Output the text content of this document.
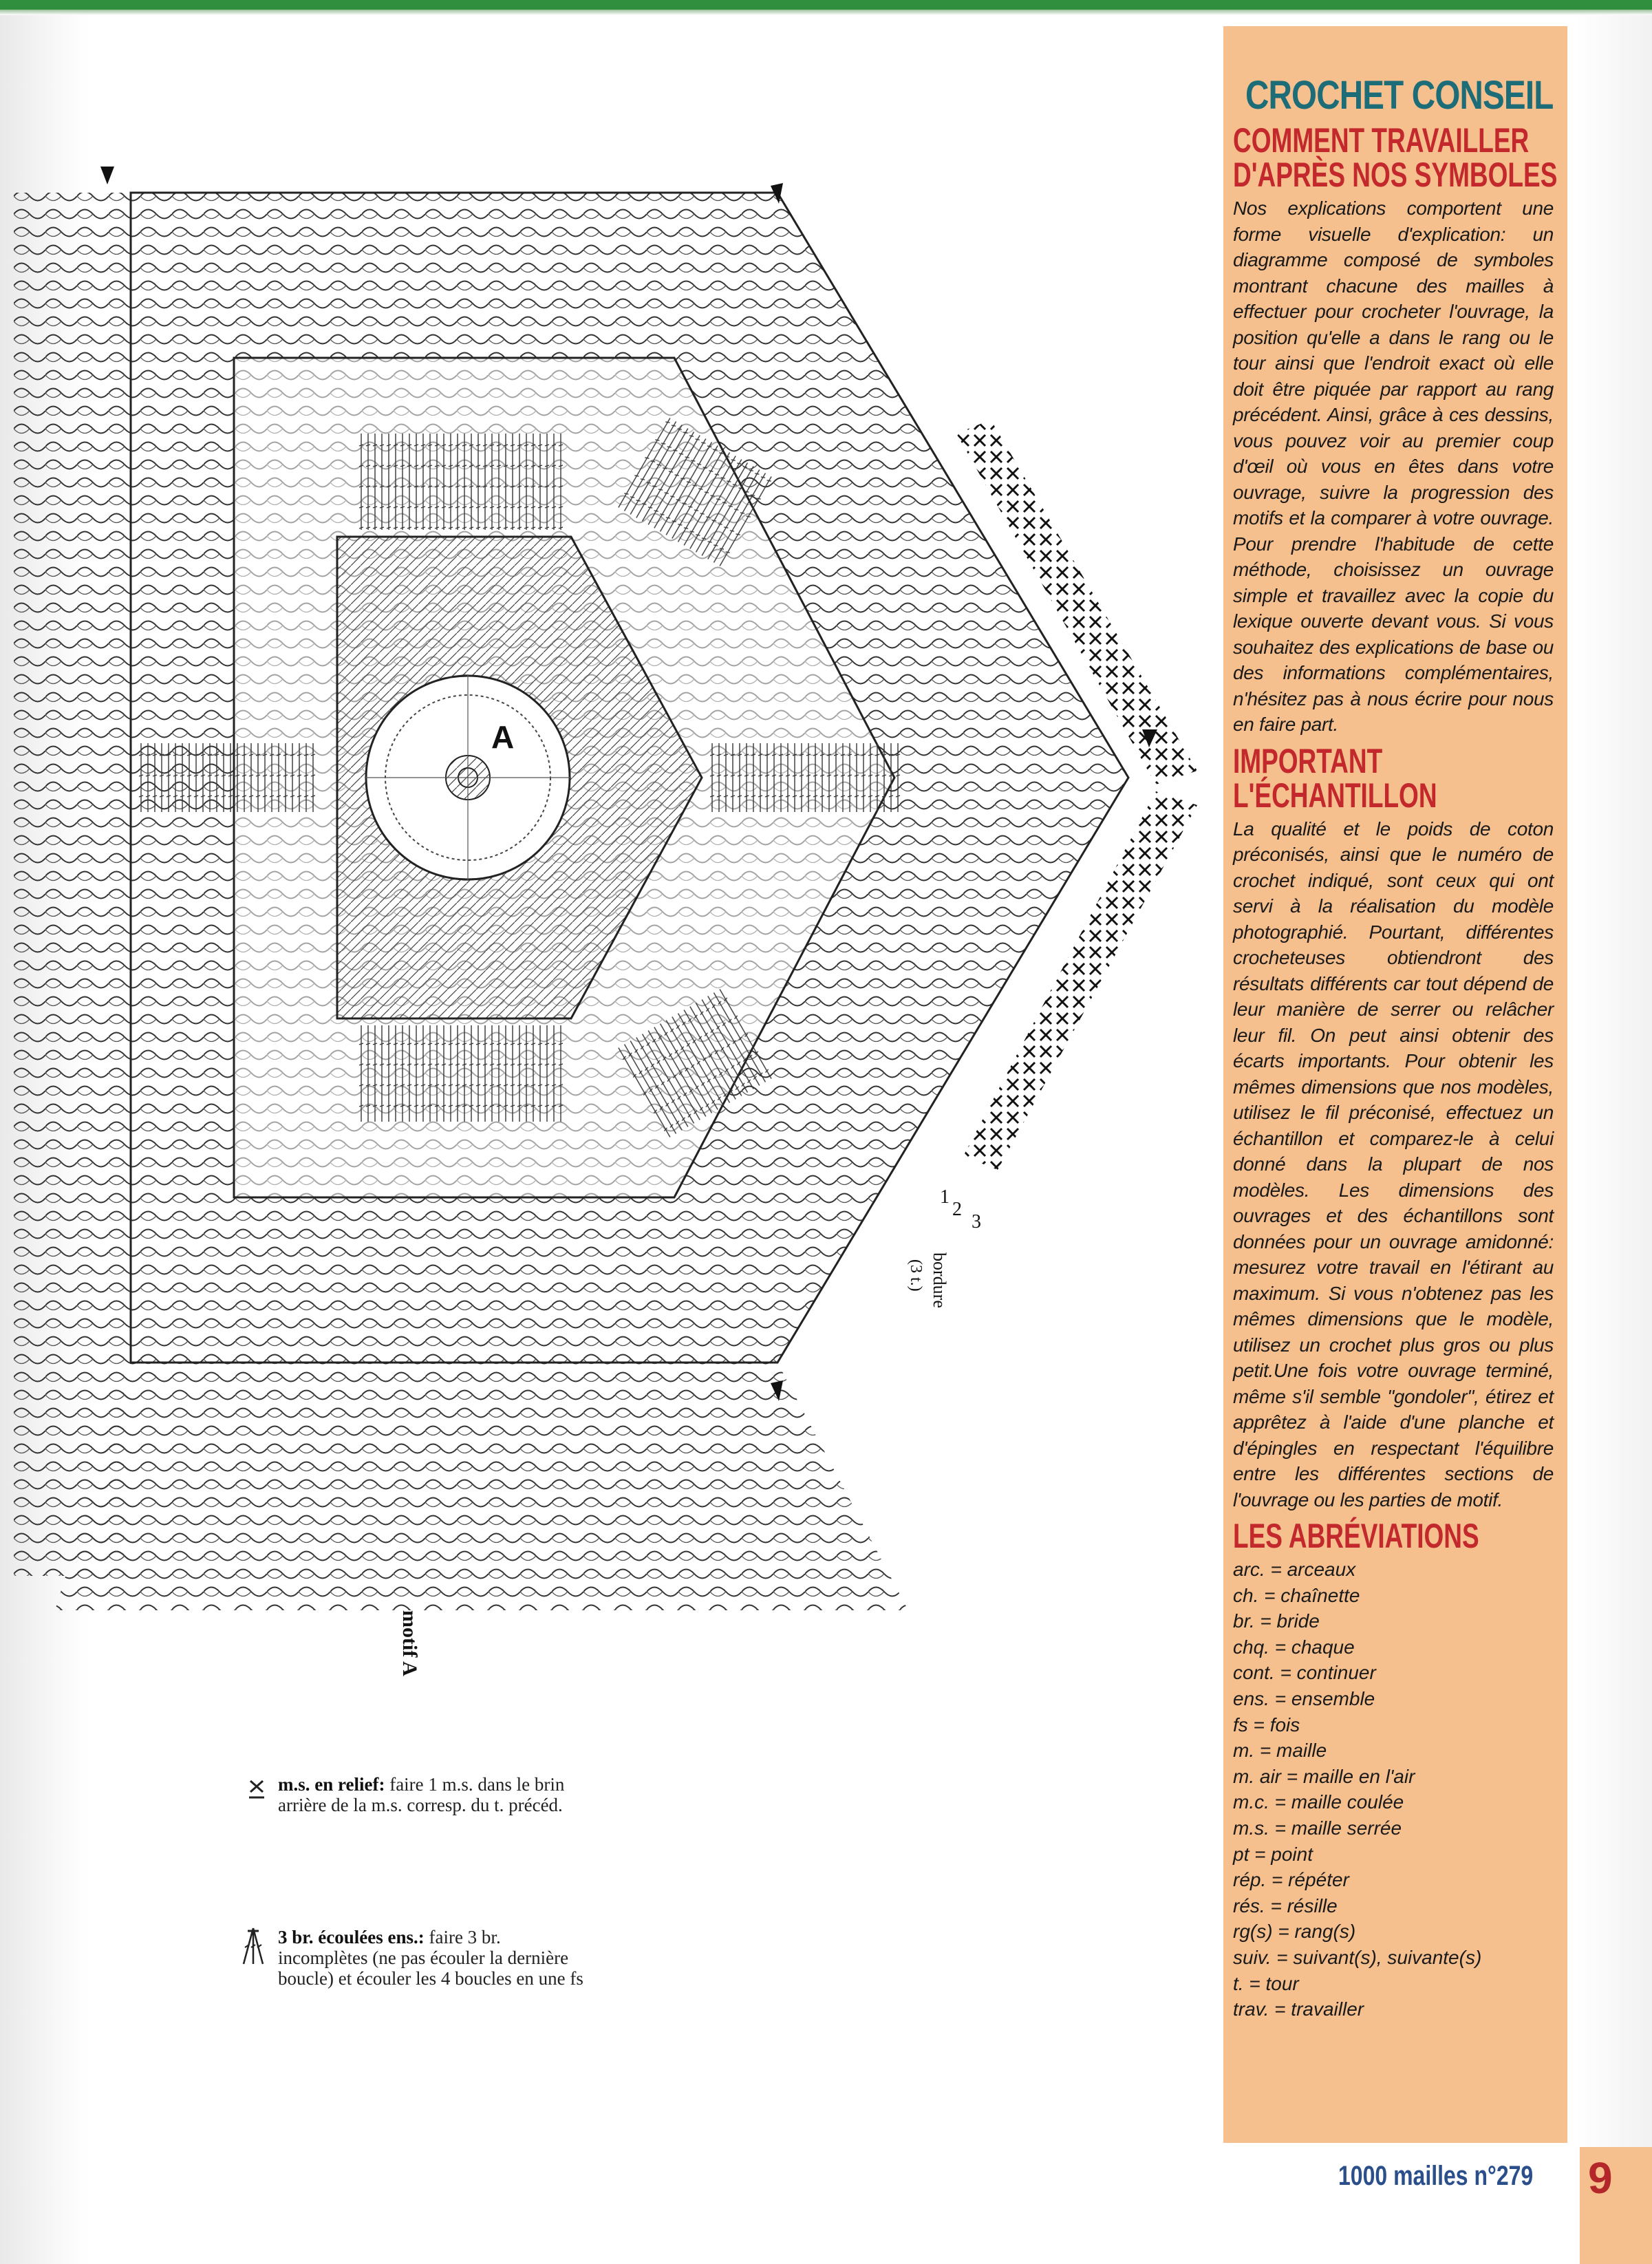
A
motif A
bordure
(3 t.)
1
2
3
m.s. en relief: faire 1 m.s. dans le brin arrière de la m.s. corresp. du t. précéd.
3 br. écoulées ens.: faire 3 br. incomplètes (ne pas écouler la dernière boucle) et écouler les 4 boucles en une fs
CROCHET CONSEIL
COMMENT TRAVAILLER
D'APRÈS NOS SYMBOLES

Nos explications comportent une forme visuelle d'explication: un diagramme composé de symboles montrant chacune des mailles à effectuer pour crocheter l'ouvrage, la position qu'elle a dans le rang ou le tour ainsi que l'endroit exact où elle doit être piquée par rapport au rang précédent. Ainsi, grâce à ces dessins, vous pouvez voir au premier coup d'œil où vous en êtes dans votre ouvrage, suivre la progression des motifs et la comparer à votre ouvrage. Pour prendre l'habitude de cette méthode, choisissez un ouvrage simple et travaillez avec la copie du lexique ouverte devant vous. Si vous souhaitez des explications de base ou des informations complémentaires, n'hésitez pas à nous écrire pour nous en faire part.

IMPORTANT
L'ÉCHANTILLON

La qualité et le poids de coton préconisés, ainsi que le numéro de crochet indiqué, sont ceux qui ont servi à la réalisation du modèle photographié. Pourtant, différentes crocheteuses obtiendront des résultats différents car tout dépend de leur manière de serrer ou relâcher leur fil. On peut ainsi obtenir des écarts importants. Pour obtenir les mêmes dimensions que nos modèles, utilisez le fil préconisé, effectuez un échantillon et comparez-le à celui donné dans la plupart de nos modèles. Les dimensions des ouvrages et des échantillons sont données pour un ouvrage amidonné: mesurez votre travail en l'étirant au maximum. Si vous n'obtenez pas les mêmes dimensions que le modèle, utilisez un crochet plus gros ou plus petit.Une fois votre ouvrage terminé, même s'il semble "gondoler", étirez et apprêtez à l'aide d'une planche et d'épingles en respectant l'équilibre entre les différentes sections de l'ouvrage ou les parties de motif.

LES ABRÉVIATIONS
arc. = arceaux
ch. = chaînette
br. = bride
chq. = chaque
cont. = continuer
ens. = ensemble
fs = fois
m. = maille
m. air = maille en l'air
m.c. = maille coulée
m.s. = maille serrée
pt = point
rép. = répéter
rés. = résille
rg(s) = rang(s)
suiv. = suivant(s), suivante(s)
t. = tour
trav. = travailler
1000 mailles n°279 9
